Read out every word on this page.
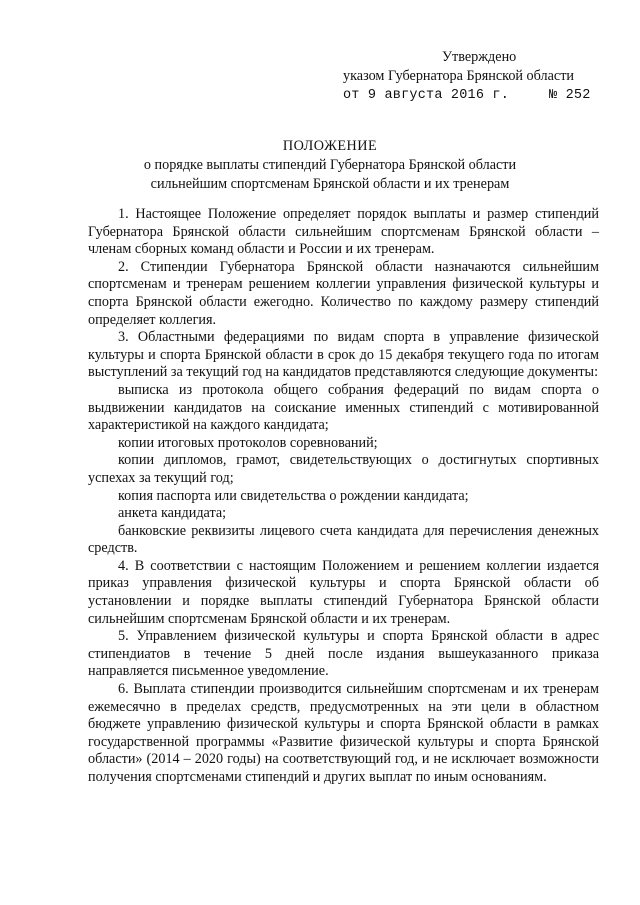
Утверждено
указом Губернатора Брянской области
от 9 августа 2016 г.	№ 252
ПОЛОЖЕНИЕ
о порядке выплаты стипендий Губернатора Брянской области
сильнейшим спортсменам Брянской области и их тренерам

1. Настоящее Положение определяет порядок выплаты и размер стипендий Губернатора Брянской области сильнейшим спортсменам Брянской области – членам сборных команд области и России и их тренерам.

2. Стипендии Губернатора Брянской области назначаются сильнейшим спортсменам и тренерам решением коллегии управления физической культуры и спорта Брянской области ежегодно. Количество по каждому размеру стипендий определяет коллегия.

3. Областными федерациями по видам спорта в управление физической культуры и спорта Брянской области в срок до 15 декабря текущего года по итогам выступлений за текущий год на кандидатов представляются следующие документы:

выписка из протокола общего собрания федераций по видам спорта о выдвижении кандидатов на соискание именных стипендий с мотивированной характеристикой на каждого кандидата;

копии итоговых протоколов соревнований;

копии дипломов, грамот, свидетельствующих о достигнутых спортивных успехах за текущий год;

копия паспорта или свидетельства о рождении кандидата;

анкета кандидата;

банковские реквизиты лицевого счета кандидата для перечисления денежных средств.

4. В соответствии с настоящим Положением и решением коллегии издается приказ управления физической культуры и спорта Брянской области об установлении и порядке выплаты стипендий Губернатора Брянской области сильнейшим спортсменам Брянской области и их тренерам.

5. Управлением физической культуры и спорта Брянской области в адрес стипендиатов в течение 5 дней после издания вышеуказанного приказа направляется письменное уведомление.

6. Выплата стипендии производится сильнейшим спортсменам и их тренерам ежемесячно в пределах средств, предусмотренных на эти цели в областном бюджете управлению физической культуры и спорта Брянской области в рамках государственной программы «Развитие физической культуры и спорта Брянской области» (2014 – 2020 годы) на соответствующий год, и не исключает возможности получения спортсменами стипендий и других выплат по иным основаниям.
